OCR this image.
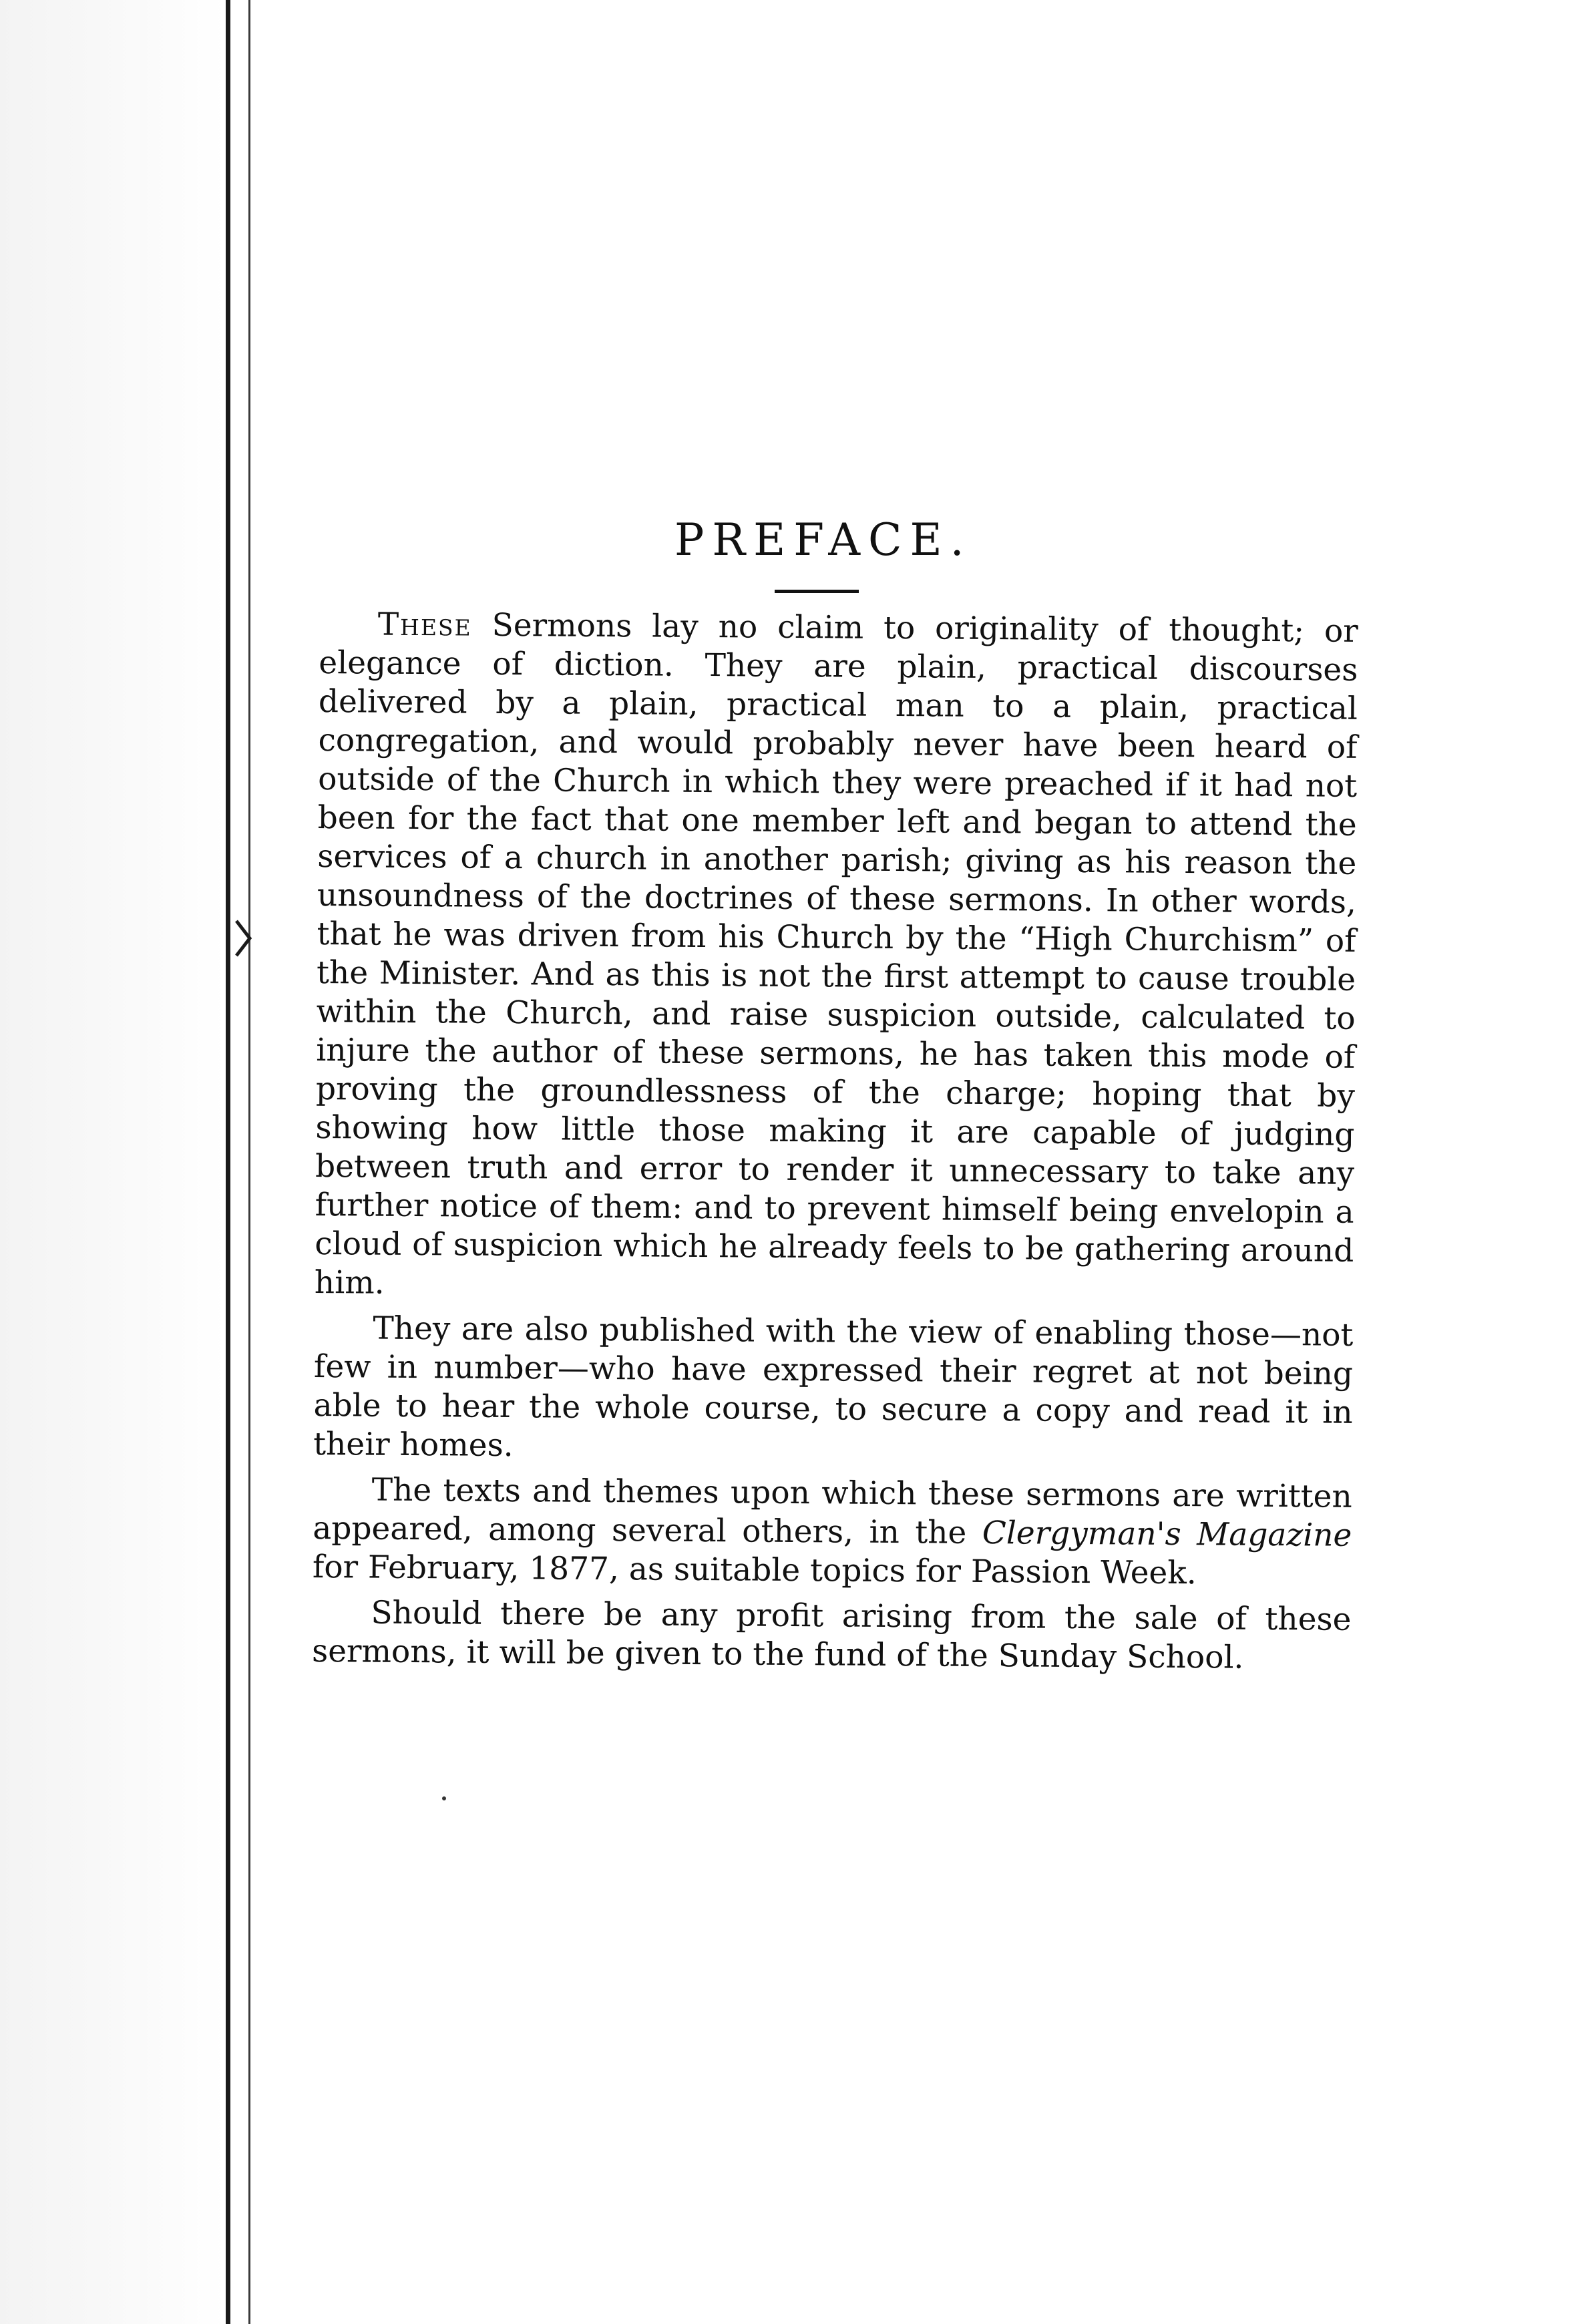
PREFACE.

These Sermons lay no claim to originality of thought; or elegance of diction. They are plain, practical discourses delivered by a plain, practical man to a plain, practical congregation, and would probably never have been heard of outside of the Church in which they were preached if it had not been for the fact that one member left and began to attend the services of a church in another parish; giving as his reason the unsoundness of the doctrines of these sermons. In other words, that he was driven from his Church by the “High Churchism” of the Minister. And as this is not the first attempt to cause trouble within the Church, and raise suspicion outside, calculated to injure the author of these sermons, he has taken this mode of proving the groundlessness of the charge; hoping that by showing how little those making it are capable of judging between truth and error to render it unnecessary to take any further notice of them: and to prevent himself being envelopin a cloud of suspicion which he already feels to be gathering around him.

They are also published with the view of enabling those—not few in number—who have expressed their regret at not being able to hear the whole course, to secure a copy and read it in their homes.

The texts and themes upon which these sermons are written appeared, among several others, in the Clergyman's Magazine for February, 1877, as suitable topics for Passion Week.

Should there be any profit arising from the sale of these sermons, it will be given to the fund of the Sunday School.
